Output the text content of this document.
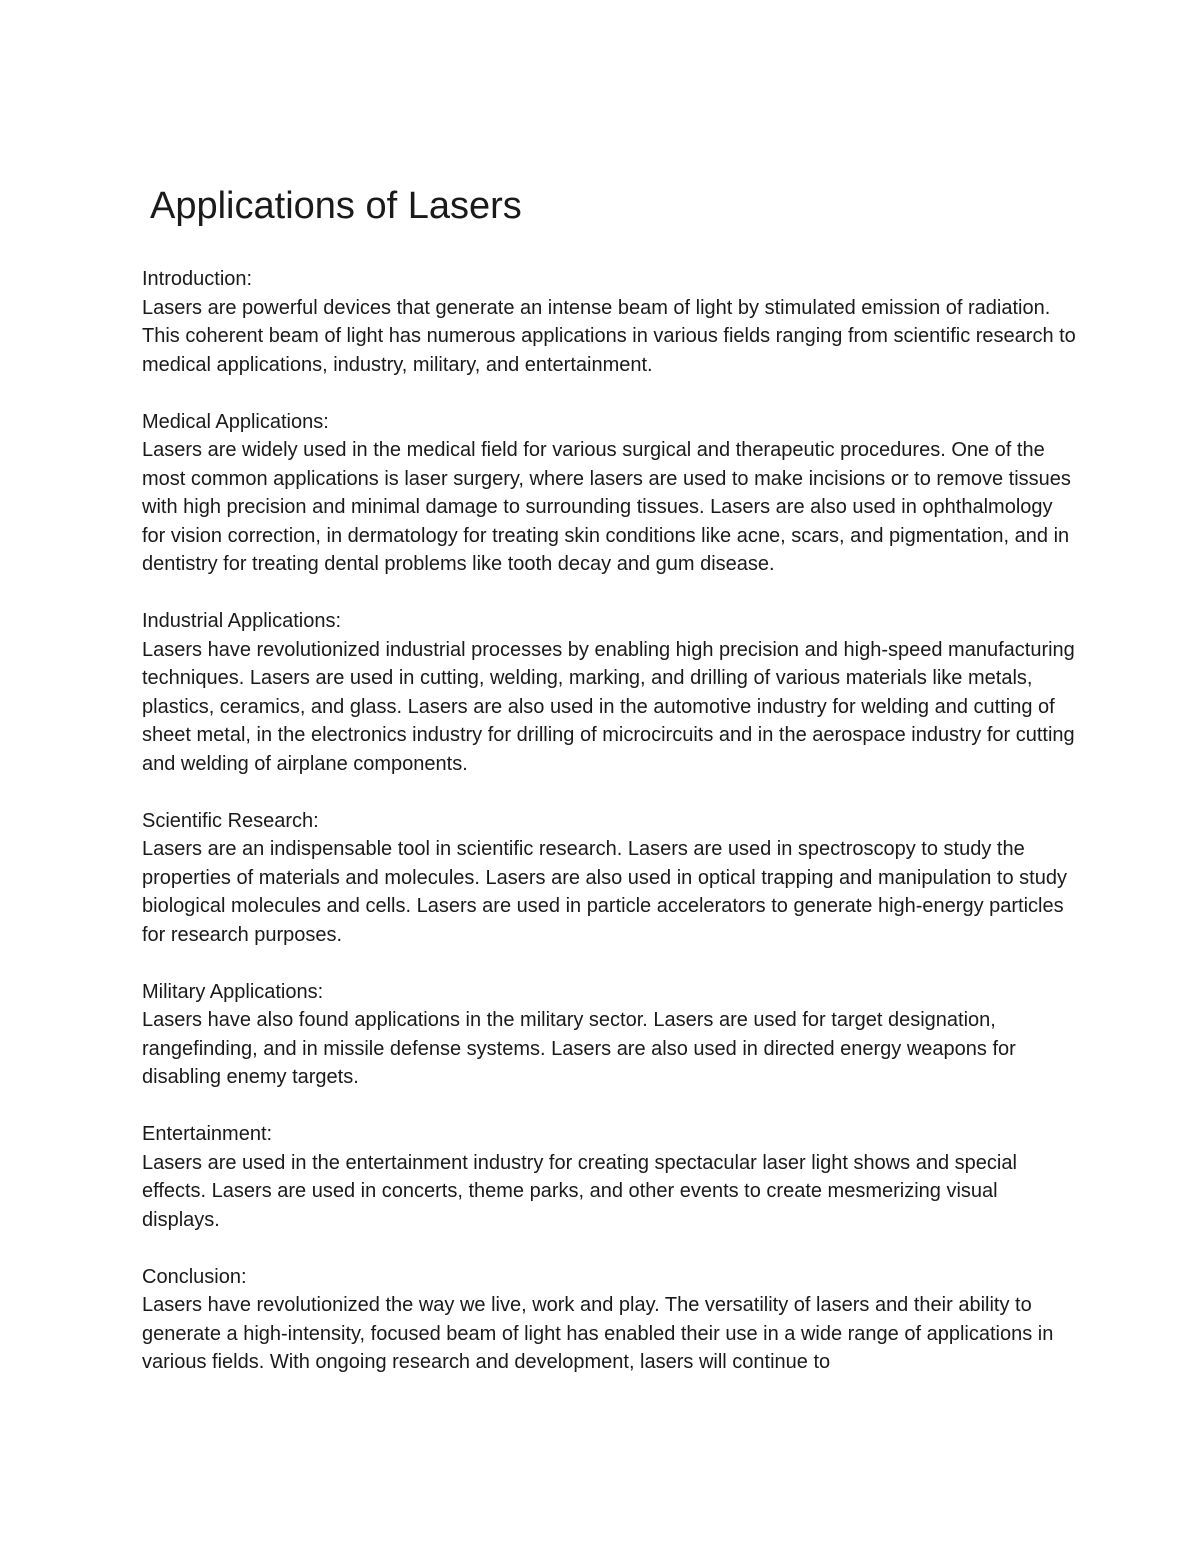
Applications of Lasers
Introduction:
Lasers are powerful devices that generate an intense beam of light by stimulated emission of radiation. This coherent beam of light has numerous applications in various fields ranging from scientific research to medical applications, industry, military, and entertainment.
Medical Applications:
Lasers are widely used in the medical field for various surgical and therapeutic procedures. One of the most common applications is laser surgery, where lasers are used to make incisions or to remove tissues with high precision and minimal damage to surrounding tissues. Lasers are also used in ophthalmology for vision correction, in dermatology for treating skin conditions like acne, scars, and pigmentation, and in dentistry for treating dental problems like tooth decay and gum disease.
Industrial Applications:
Lasers have revolutionized industrial processes by enabling high precision and high-speed manufacturing techniques. Lasers are used in cutting, welding, marking, and drilling of various materials like metals, plastics, ceramics, and glass. Lasers are also used in the automotive industry for welding and cutting of sheet metal, in the electronics industry for drilling of microcircuits and in the aerospace industry for cutting and welding of airplane components.
Scientific Research:
Lasers are an indispensable tool in scientific research. Lasers are used in spectroscopy to study the properties of materials and molecules. Lasers are also used in optical trapping and manipulation to study biological molecules and cells. Lasers are used in particle accelerators to generate high-energy particles for research purposes.
Military Applications:
Lasers have also found applications in the military sector. Lasers are used for target designation, rangefinding, and in missile defense systems. Lasers are also used in directed energy weapons for disabling enemy targets.
Entertainment:
Lasers are used in the entertainment industry for creating spectacular laser light shows and special effects. Lasers are used in concerts, theme parks, and other events to create mesmerizing visual displays.
Conclusion:
Lasers have revolutionized the way we live, work and play. The versatility of lasers and their ability to generate a high-intensity, focused beam of light has enabled their use in a wide range of applications in various fields. With ongoing research and development, lasers will continue to
